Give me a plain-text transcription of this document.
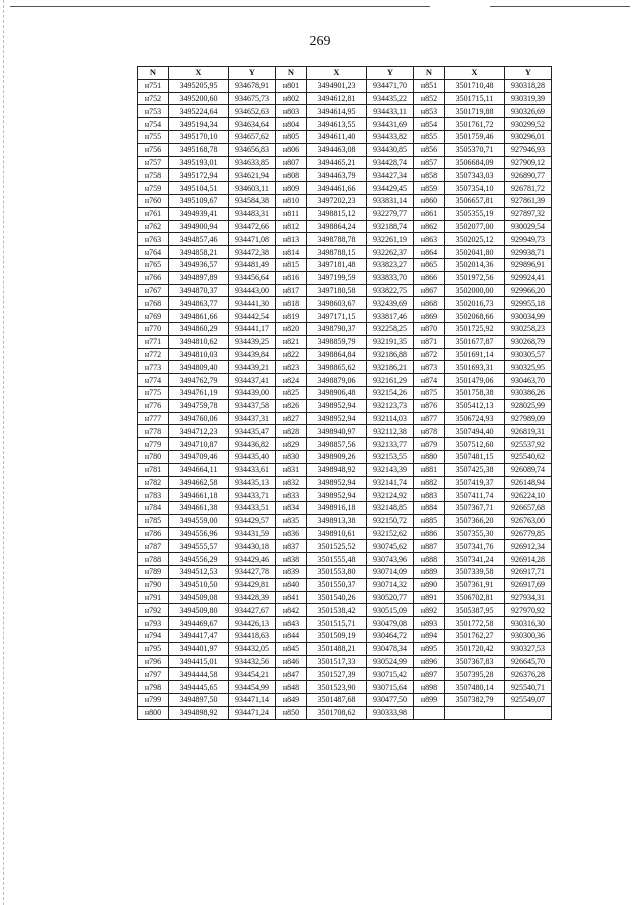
269
N	X	Y	N	X	Y	N	X	Y
н751	3495205,95	934678,91	н801	3494901,23	934471,70	н851	3501710,48	930318,28
н752	3495200,60	934675,73	н802	3494612,81	934435,22	н852	3501715,11	930319,39
н753	3495224,64	934652,63	н803	3494614,95	934433,11	н853	3501719,88	930326,69
н754	3495194,34	934634,64	н804	3494613,55	934431,69	н854	3501761,72	930299,52
н755	3495170,10	934657,62	н805	3494611,40	934433,82	н855	3501759,46	930296,01
н756	3495168,78	934656,83	н806	3494463,08	934430,85	н856	3505370,71	927946,93
н757	3495193,01	934633,85	н807	3494465,21	934428,74	н857	3506684,09	927909,12
н758	3495172,94	934621,94	н808	3494463,79	934427,34	н858	3507343,03	926890,77
н759	3495104,51	934603,11	н809	3494461,66	934429,45	н859	3507354,10	926781,72
н760	3495109,67	934584,38	н810	3497202,23	933831,14	н860	3506657,81	927861,39
н761	3494939,41	934483,31	н811	3498815,12	932279,77	н861	3505355,19	927897,32
н762	3494900,94	934472,66	н812	3498864,24	932188,74	н862	3502077,00	930029,54
н763	3494857,46	934471,08	н813	3498788,78	932261,19	н863	3502025,12	929949,73
н764	3494858,21	934472,38	н814	3498788,15	932262,37	н864	3502041,80	929938,71
н765	3494936,57	934481,49	н815	3497181,48	933823,27	н865	3502014,36	929896,91
н766	3494897,89	934456,64	н816	3497199,59	933833,70	н866	3501972,56	929924,41
н767	3494870,37	934443,00	н817	3497180,58	933822,75	н867	3502000,00	929966,20
н768	3494863,77	934441,30	н818	3498603,67	932439,69	н868	3502016,73	929955,18
н769	3494861,66	934442,54	н819	3497171,15	933817,46	н869	3502068,66	930034,99
н770	3494860,29	934441,17	н820	3498790,37	932258,25	н870	3501725,92	930258,23
н771	3494810,62	934439,25	н821	3498859,79	932191,35	н871	3501677,87	930268,79
н772	3494810,03	934439,84	н822	3498864,84	932186,88	н872	3501691,14	930305,57
н773	3494809,40	934439,21	н823	3498865,62	932186,21	н873	3501693,31	930325,95
н774	3494762,79	934437,41	н824	3498879,06	932161,29	н874	3501479,06	930463,70
н775	3494761,19	934439,00	н825	3498906,48	932154,26	н875	3501758,38	930386,26
н776	3494759,78	934437,58	н826	3498952,94	932123,73	н876	3505412,13	928025,99
н777	3494760,06	934437,31	н827	3498952,94	932114,03	н877	3506724,93	927989,09
н778	3494712,23	934435,47	н828	3498940,97	932112,38	н878	3507494,40	926819,31
н779	3494710,87	934436,82	н829	3498857,56	932133,77	н879	3507512,60	925537,92
н780	3494709,46	934435,40	н830	3498909,26	932153,55	н880	3507481,15	925540,62
н781	3494664,11	934433,61	н831	3498948,92	932143,39	н881	3507425,38	926089,74
н782	3494662,58	934435,13	н832	3498952,94	932141,74	н882	3507419,37	926148,94
н783	3494661,18	934433,71	н833	3498952,94	932124,92	н883	3507411,74	926224,10
н784	3494661,38	934433,51	н834	3498916,18	932148,85	н884	3507367,71	926657,68
н785	3494559,00	934429,57	н835	3498913,38	932150,72	н885	3507366,20	926763,00
н786	3494556,96	934431,59	н836	3498910,61	932152,62	н886	3507355,30	926779,85
н787	3494555,57	934430,18	н837	3501525,52	930745,62	н887	3507341,76	926912,34
н788	3494556,29	934429,46	н838	3501555,48	930743,96	н888	3507341,24	926914,28
н789	3494512,53	934427,78	н839	3501553,80	930714,09	н889	3507339,58	926917,71
н790	3494510,50	934429,81	н840	3501550,37	930714,32	н890	3507361,91	926917,69
н791	3494509,08	934428,39	н841	3501540,26	930520,77	н891	3506702,81	927934,31
н792	3494509,80	934427,67	н842	3501538,42	930515,09	н892	3505387,95	927970,92
н793	3494469,67	934426,13	н843	3501515,71	930479,08	н893	3501772,58	930316,30
н794	3494417,47	934418,63	н844	3501509,19	930464,72	н894	3501762,27	930300,36
н795	3494401,97	934432,05	н845	3501488,21	930478,34	н895	3501720,42	930327,53
н796	3494415,01	934432,56	н846	3501517,33	930524,99	н896	3507367,83	926645,70
н797	3494444,58	934454,21	н847	3501527,39	930715,42	н897	3507395,28	926376,28
н798	3494445,65	934454,99	н848	3501523,90	930715,64	н898	3507480,14	925540,71
н799	3494897,50	934471,14	н849	3501487,68	930477,50	н899	3507382,79	925549,07
н800	3494898,92	934471,24	н850	3501708,62	930333,98			
